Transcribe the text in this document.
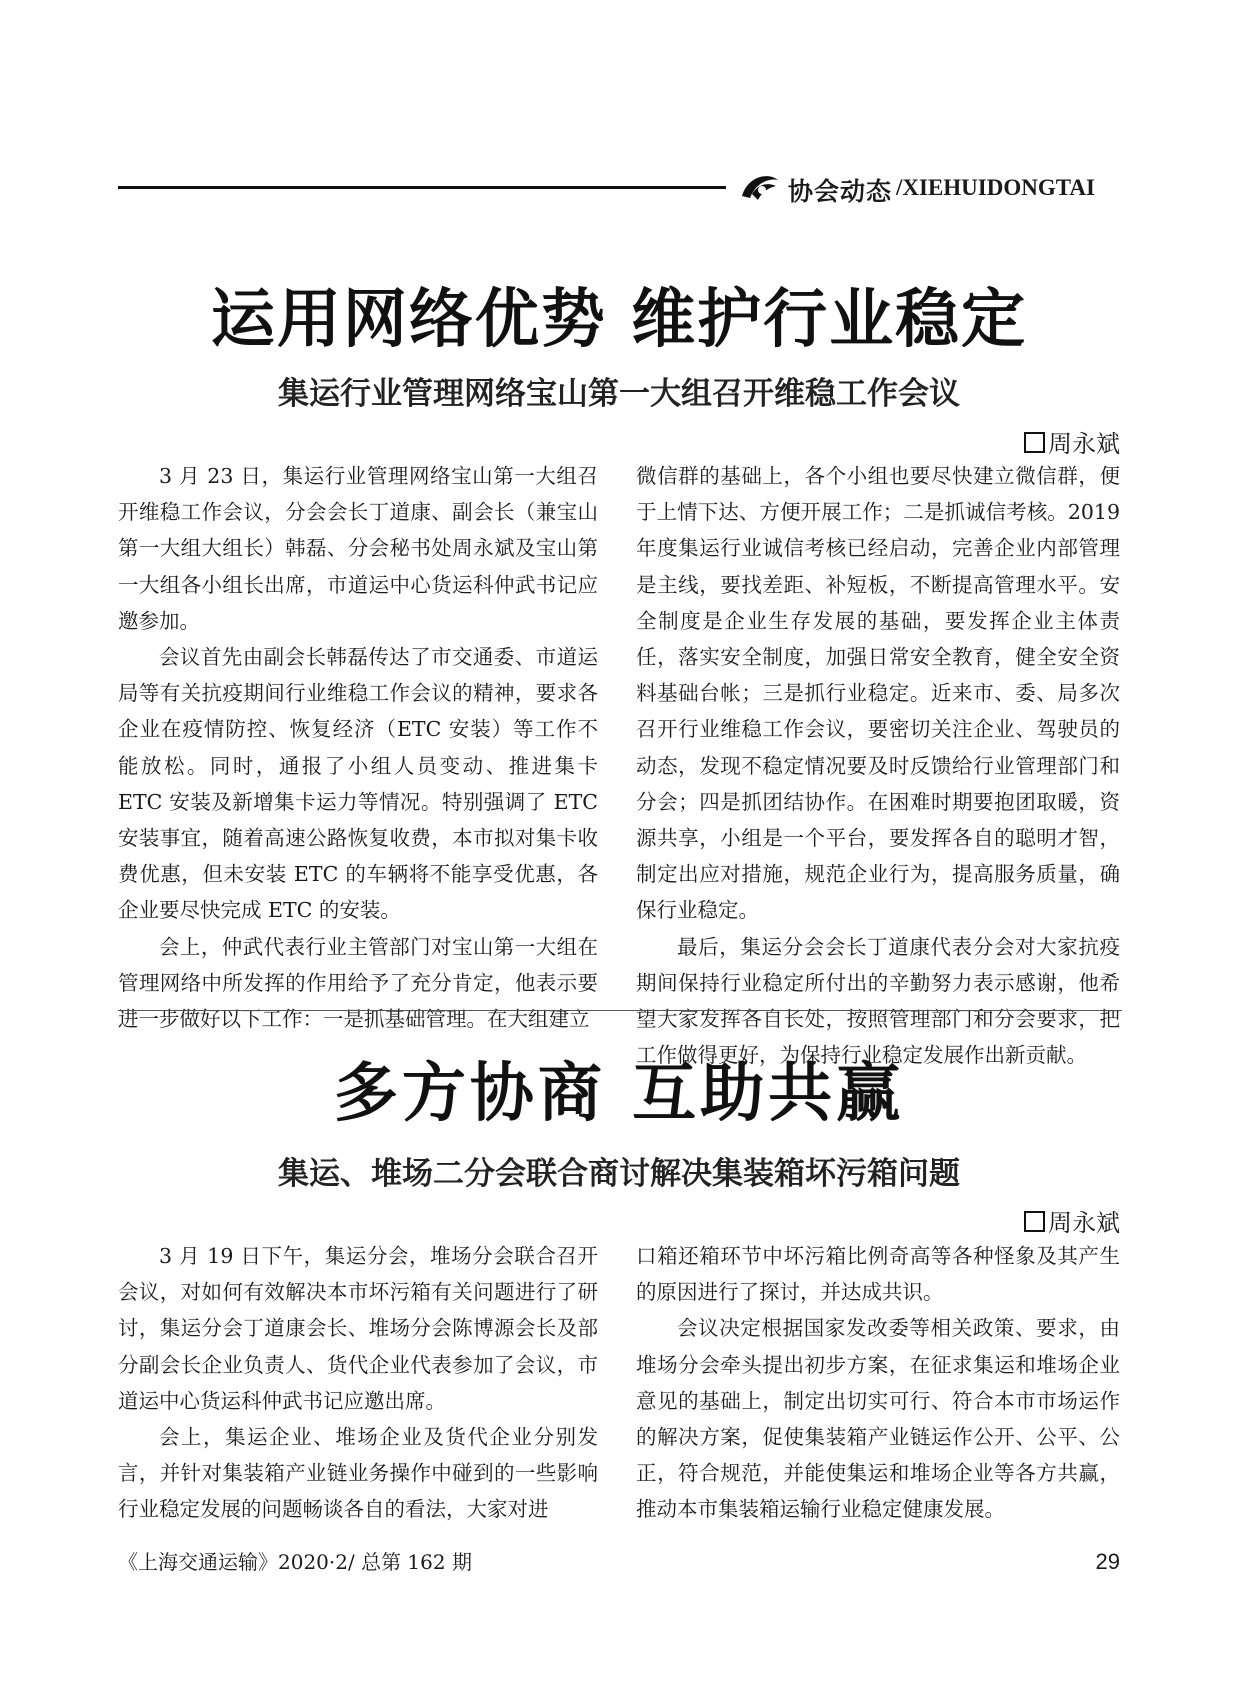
协会动态 /XIEHUIDONGTAI
运用网络优势 维护行业稳定
集运行业管理网络宝山第一大组召开维稳工作会议
周永斌

3 月 23 日，集运行业管理网络宝山第一大组召开维稳工作会议，分会会长丁道康、副会长（兼宝山第一大组大组长）韩磊、分会秘书处周永斌及宝山第一大组各小组长出席，市道运中心货运科仲武书记应邀参加。

会议首先由副会长韩磊传达了市交通委、市道运局等有关抗疫期间行业维稳工作会议的精神，要求各企业在疫情防控、恢复经济（ETC 安装）等工作不能放松。同时，通报了小组人员变动、推进集卡 ETC 安装及新增集卡运力等情况。特别强调了 ETC 安装事宜，随着高速公路恢复收费，本市拟对集卡收费优惠，但未安装 ETC 的车辆将不能享受优惠，各企业要尽快完成 ETC 的安装。

会上，仲武代表行业主管部门对宝山第一大组在管理网络中所发挥的作用给予了充分肯定，他表示要进一步做好以下工作：一是抓基础管理。在大组建立

微信群的基础上，各个小组也要尽快建立微信群，便于上情下达、方便开展工作；二是抓诚信考核。2019 年度集运行业诚信考核已经启动，完善企业内部管理是主线，要找差距、补短板，不断提高管理水平。安全制度是企业生存发展的基础，要发挥企业主体责任，落实安全制度，加强日常安全教育，健全安全资料基础台帐；三是抓行业稳定。近来市、委、局多次召开行业维稳工作会议，要密切关注企业、驾驶员的动态，发现不稳定情况要及时反馈给行业管理部门和分会；四是抓团结协作。在困难时期要抱团取暖，资源共享，小组是一个平台，要发挥各自的聪明才智，制定出应对措施，规范企业行为，提高服务质量，确保行业稳定。

最后，集运分会会长丁道康代表分会对大家抗疫期间保持行业稳定所付出的辛勤努力表示感谢，他希望大家发挥各自长处，按照管理部门和分会要求，把工作做得更好，为保持行业稳定发展作出新贡献。

多方协商 互助共赢
集运、堆场二分会联合商讨解决集装箱坏污箱问题
周永斌

3 月 19 日下午，集运分会，堆场分会联合召开会议，对如何有效解决本市坏污箱有关问题进行了研讨，集运分会丁道康会长、堆场分会陈博源会长及部分副会长企业负责人、货代企业代表参加了会议，市道运中心货运科仲武书记应邀出席。

会上，集运企业、堆场企业及货代企业分别发言，并针对集装箱产业链业务操作中碰到的一些影响行业稳定发展的问题畅谈各自的看法，大家对进

口箱还箱环节中坏污箱比例奇高等各种怪象及其产生的原因进行了探讨，并达成共识。

会议决定根据国家发改委等相关政策、要求，由堆场分会牵头提出初步方案，在征求集运和堆场企业意见的基础上，制定出切实可行、符合本市市场运作的解决方案，促使集装箱产业链运作公开、公平、公正，符合规范，并能使集运和堆场企业等各方共赢，推动本市集装箱运输行业稳定健康发展。

《上海交通运输》2020·2/ 总第 162 期	29
